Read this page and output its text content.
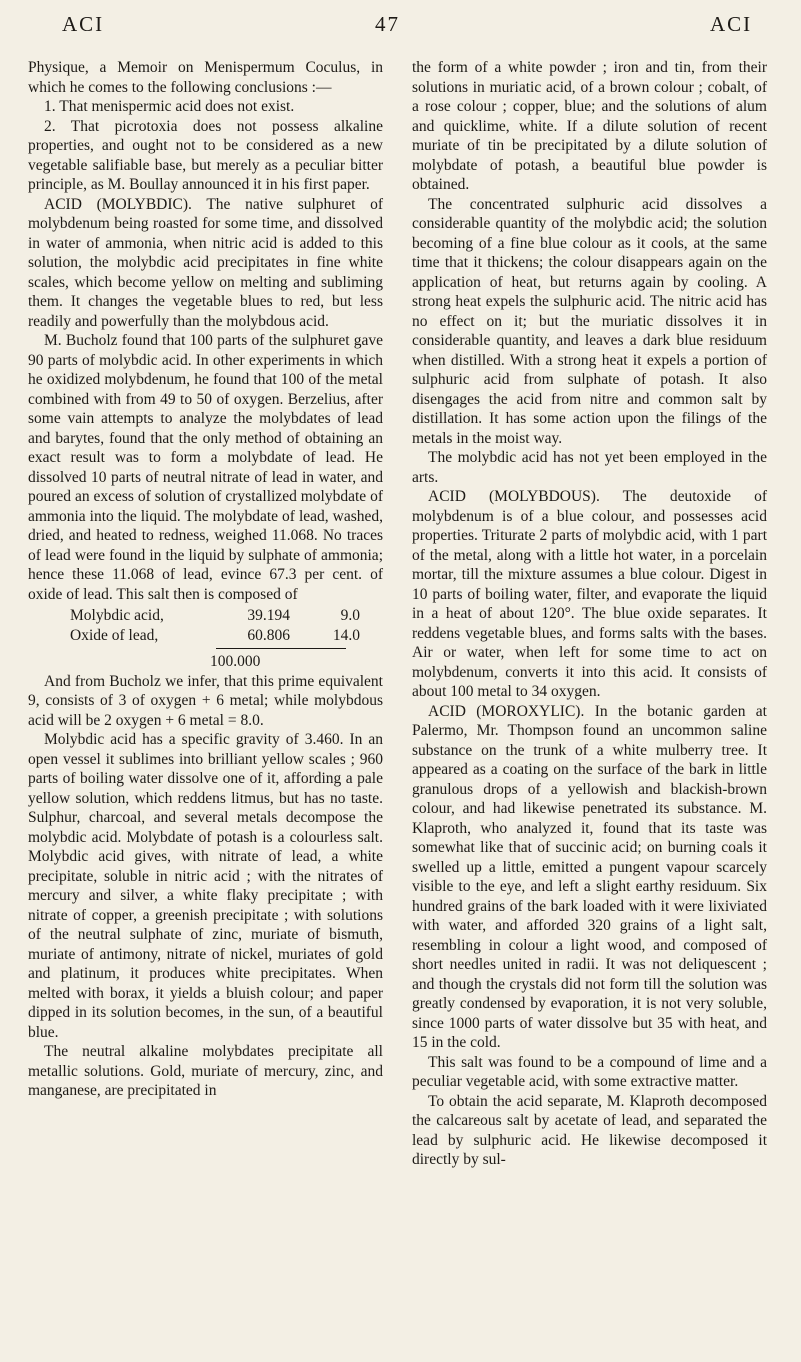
ACI	47	ACI

Physique, a Memoir on Menispermum Coculus, in which he comes to the following conclusions :—

1. That menispermic acid does not exist.

2. That picrotoxia does not possess alkaline properties, and ought not to be considered as a new vegetable salifiable base, but merely as a peculiar bitter principle, as M. Boullay announced it in his first paper.

ACID (MOLYBDIC). The native sulphuret of molybdenum being roasted for some time, and dissolved in water of ammonia, when nitric acid is added to this solution, the molybdic acid precipitates in fine white scales, which become yellow on melting and subliming them. It changes the vegetable blues to red, but less readily and powerfully than the molybdous acid.

M. Bucholz found that 100 parts of the sulphuret gave 90 parts of molybdic acid. In other experiments in which he oxidized molybdenum, he found that 100 of the metal combined with from 49 to 50 of oxygen. Berzelius, after some vain attempts to analyze the molybdates of lead and barytes, found that the only method of obtaining an exact result was to form a molybdate of lead. He dissolved 10 parts of neutral nitrate of lead in water, and poured an excess of solution of crystallized molybdate of ammonia into the liquid. The molybdate of lead, washed, dried, and heated to redness, weighed 11.068. No traces of lead were found in the liquid by sulphate of ammonia; hence these 11.068 of lead, evince 67.3 per cent. of oxide of lead. This salt then is composed of

Molybdic acid,	39.194	9.0
Oxide of lead,	60.806	14.0
100.000

And from Bucholz we infer, that this prime equivalent 9, consists of 3 of oxygen + 6 metal; while molybdous acid will be 2 oxygen + 6 metal = 8.0.

Molybdic acid has a specific gravity of 3.460. In an open vessel it sublimes into brilliant yellow scales ; 960 parts of boiling water dissolve one of it, affording a pale yellow solution, which reddens litmus, but has no taste. Sulphur, charcoal, and several metals decompose the molybdic acid. Molybdate of potash is a colourless salt. Molybdic acid gives, with nitrate of lead, a white precipitate, soluble in nitric acid ; with the nitrates of mercury and silver, a white flaky precipitate ; with nitrate of copper, a greenish precipitate ; with solutions of the neutral sulphate of zinc, muriate of bismuth, muriate of antimony, nitrate of nickel, muriates of gold and platinum, it produces white precipitates. When melted with borax, it yields a bluish colour; and paper dipped in its solution becomes, in the sun, of a beautiful blue.

The neutral alkaline molybdates precipitate all metallic solutions. Gold, muriate of mercury, zinc, and manganese, are precipitated in

the form of a white powder ; iron and tin, from their solutions in muriatic acid, of a brown colour ; cobalt, of a rose colour ; copper, blue; and the solutions of alum and quicklime, white. If a dilute solution of recent muriate of tin be precipitated by a dilute solution of molybdate of potash, a beautiful blue powder is obtained.

The concentrated sulphuric acid dissolves a considerable quantity of the molybdic acid; the solution becoming of a fine blue colour as it cools, at the same time that it thickens; the colour disappears again on the application of heat, but returns again by cooling. A strong heat expels the sulphuric acid. The nitric acid has no effect on it; but the muriatic dissolves it in considerable quantity, and leaves a dark blue residuum when distilled. With a strong heat it expels a portion of sulphuric acid from sulphate of potash. It also disengages the acid from nitre and common salt by distillation. It has some action upon the filings of the metals in the moist way.

The molybdic acid has not yet been employed in the arts.

ACID (MOLYBDOUS). The deutoxide of molybdenum is of a blue colour, and possesses acid properties. Triturate 2 parts of molybdic acid, with 1 part of the metal, along with a little hot water, in a porcelain mortar, till the mixture assumes a blue colour. Digest in 10 parts of boiling water, filter, and evaporate the liquid in a heat of about 120°. The blue oxide separates. It reddens vegetable blues, and forms salts with the bases. Air or water, when left for some time to act on molybdenum, converts it into this acid. It consists of about 100 metal to 34 oxygen.

ACID (MOROXYLIC). In the botanic garden at Palermo, Mr. Thompson found an uncommon saline substance on the trunk of a white mulberry tree. It appeared as a coating on the surface of the bark in little granulous drops of a yellowish and blackish-brown colour, and had likewise penetrated its substance. M. Klaproth, who analyzed it, found that its taste was somewhat like that of succinic acid; on burning coals it swelled up a little, emitted a pungent vapour scarcely visible to the eye, and left a slight earthy residuum. Six hundred grains of the bark loaded with it were lixiviated with water, and afforded 320 grains of a light salt, resembling in colour a light wood, and composed of short needles united in radii. It was not deliquescent ; and though the crystals did not form till the solution was greatly condensed by evaporation, it is not very soluble, since 1000 parts of water dissolve but 35 with heat, and 15 in the cold.

This salt was found to be a compound of lime and a peculiar vegetable acid, with some extractive matter.

To obtain the acid separate, M. Klaproth decomposed the calcareous salt by acetate of lead, and separated the lead by sulphuric acid. He likewise decomposed it directly by sul-
